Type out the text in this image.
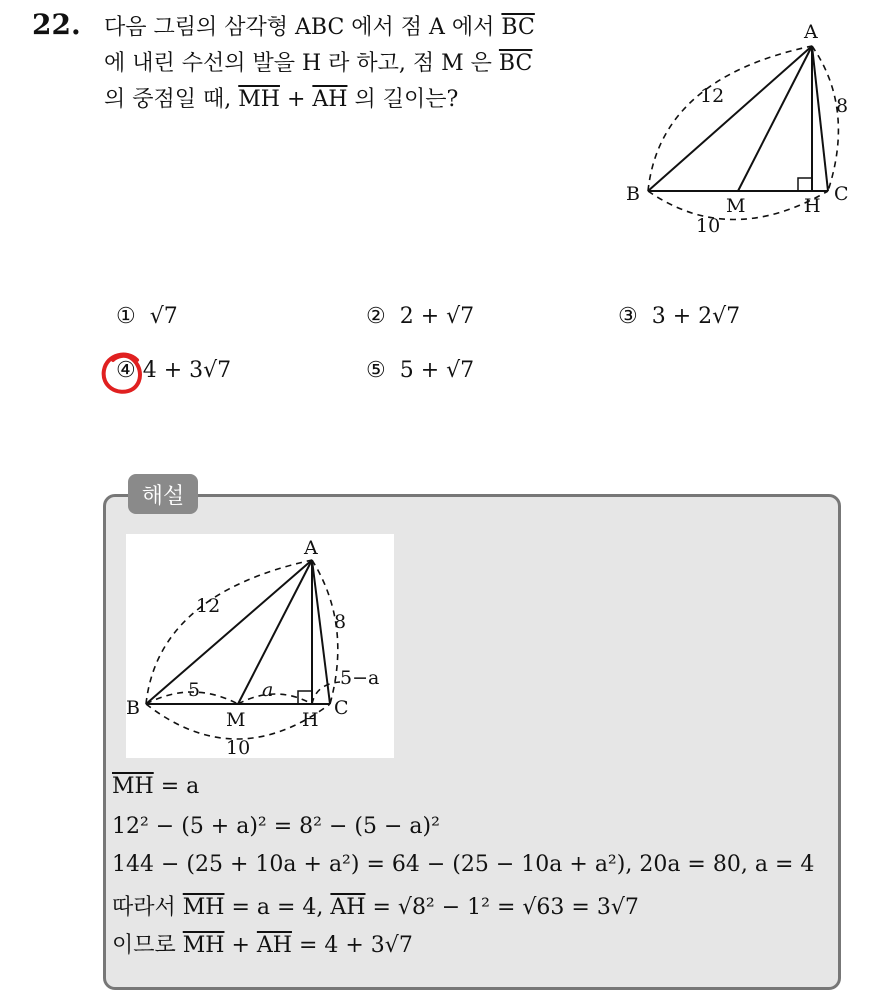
22. 다음 그림의 삼각형 ABC 에서 점 A 에서 $\overline{BC}$
에 내린 수선의 발을 H 라 하고, 점 M 은 $\overline{BC}$
의 중점일 때, $\overline{MH} + \overline{AH}$ 의 길이는?
A
B	C
M	H
12	8
10
① √7	② 2 + √7	③ 3 + 2√7
④ 4 + 3√7	⑤ 5 + √7
해설
A
B	C
M	H
12
8
10
5	a
5−a
$\overline{MH} = a$
12² − (5 + a)² = 8² − (5 − a)²
144 − (25 + 10a + a²) = 64 − (25 − 10a + a²), 20a = 80, a = 4
따라서 $\overline{MH} = a = 4$, $\overline{AH} = √8^2 - 1^2 = √63 = 3√7$
이므로 $\overline{MH} + \overline{AH} = 4 + 3√7$
